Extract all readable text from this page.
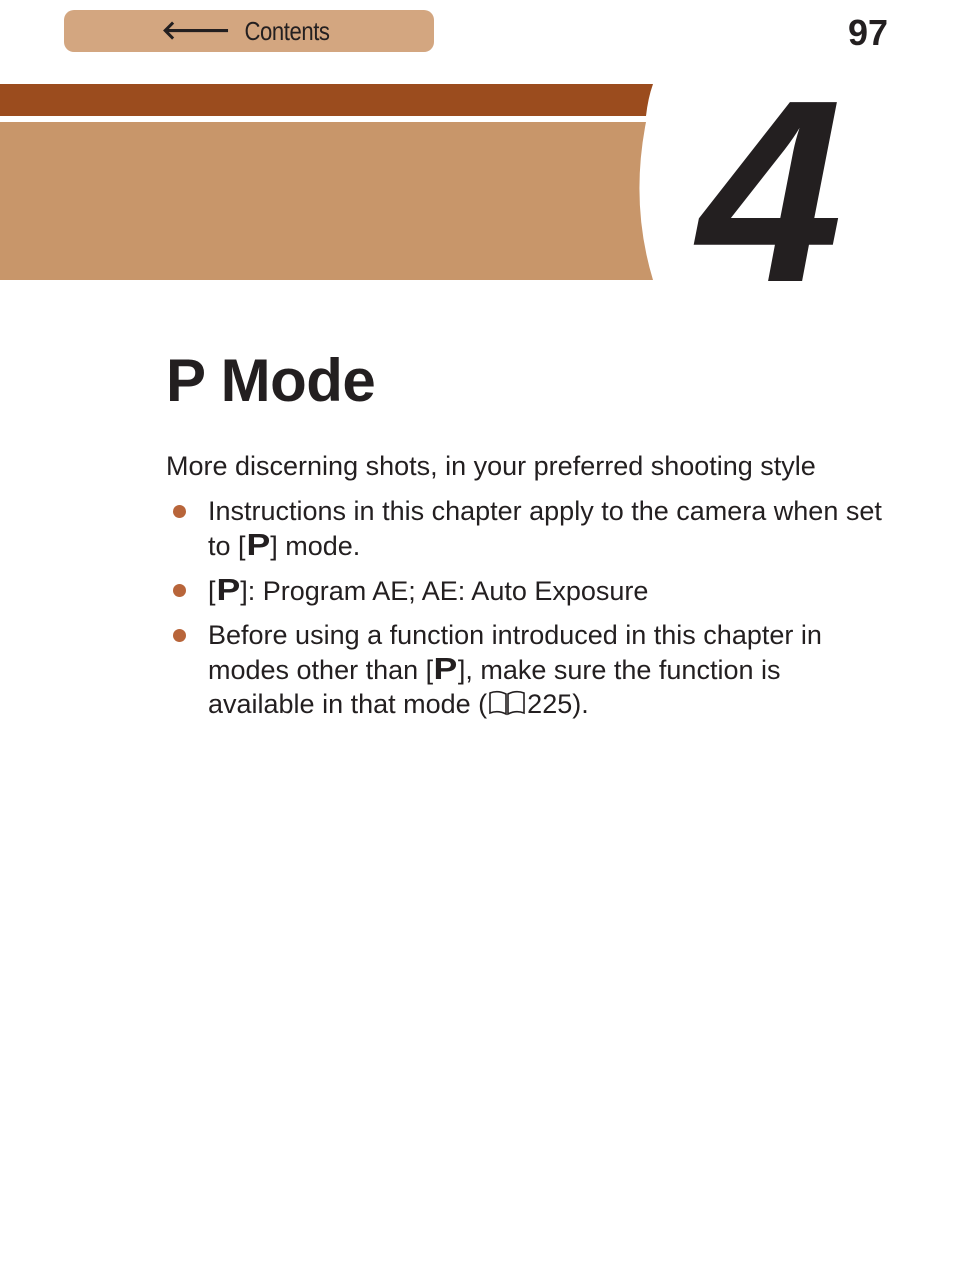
🡐 Contents	97
4
P Mode

More discerning shots, in your preferred shooting style

Instructions in this chapter apply to the camera when set to [P] mode.
[P]: Program AE; AE: Auto Exposure
Before using a function introduced in this chapter in modes other than [P], make sure the function is available in that mode ( 225).
